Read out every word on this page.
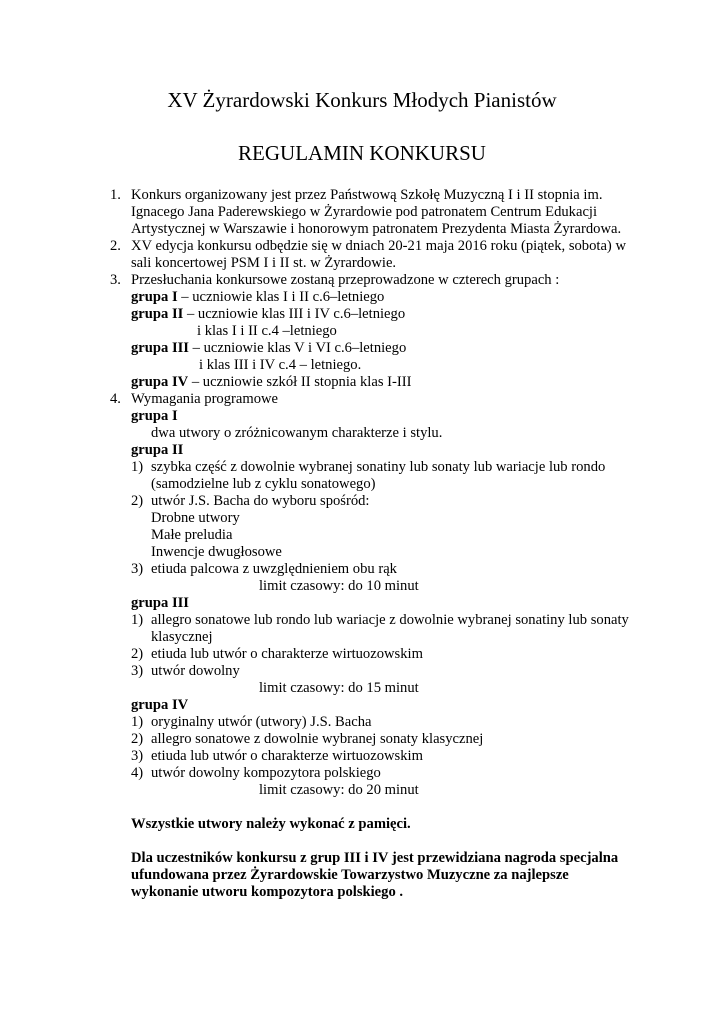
XV Żyrardowski Konkurs Młodych Pianistów
REGULAMIN KONKURSU
1. Konkurs organizowany jest przez Państwową Szkołę Muzyczną I i II stopnia im.
Ignacego Jana Paderewskiego w Żyrardowie pod patronatem Centrum Edukacji
Artystycznej w Warszawie i honorowym patronatem Prezydenta Miasta Żyrardowa.
2. XV edycja konkursu odbędzie się w dniach 20-21 maja 2016 roku (piątek, sobota) w
sali koncertowej PSM I i II st. w Żyrardowie.
3. Przesłuchania konkursowe zostaną przeprowadzone w czterech grupach :
grupa I – uczniowie klas I i II c.6–letniego
grupa II – uczniowie klas III i IV c.6–letniego
i klas I i II c.4 –letniego
grupa III – uczniowie klas V i VI c.6–letniego
i klas III i IV c.4 – letniego.
grupa IV – uczniowie szkół II stopnia klas I-III
4. Wymagania programowe
grupa I
dwa utwory o zróżnicowanym charakterze i stylu.
grupa II
1) szybka część z dowolnie wybranej sonatiny lub sonaty lub wariacje lub rondo
(samodzielne lub z cyklu sonatowego)
2) utwór J.S. Bacha do wyboru spośród:
Drobne utwory
Małe preludia
Inwencje dwugłosowe
3) etiuda palcowa z uwzględnieniem obu rąk
limit czasowy: do 10 minut
grupa III
1) allegro sonatowe lub rondo lub wariacje z dowolnie wybranej sonatiny lub sonaty
klasycznej
2) etiuda lub utwór o charakterze wirtuozowskim
3) utwór dowolny
limit czasowy: do 15 minut
grupa IV
1) oryginalny utwór (utwory) J.S. Bacha
2) allegro sonatowe z dowolnie wybranej sonaty klasycznej
3) etiuda lub utwór o charakterze wirtuozowskim
4) utwór dowolny kompozytora polskiego
limit czasowy: do 20 minut
Wszystkie utwory należy wykonać z pamięci.
Dla uczestników konkursu z grup III i IV jest przewidziana nagroda specjalna
ufundowana przez Żyrardowskie Towarzystwo Muzyczne za najlepsze
wykonanie utworu kompozytora polskiego .
